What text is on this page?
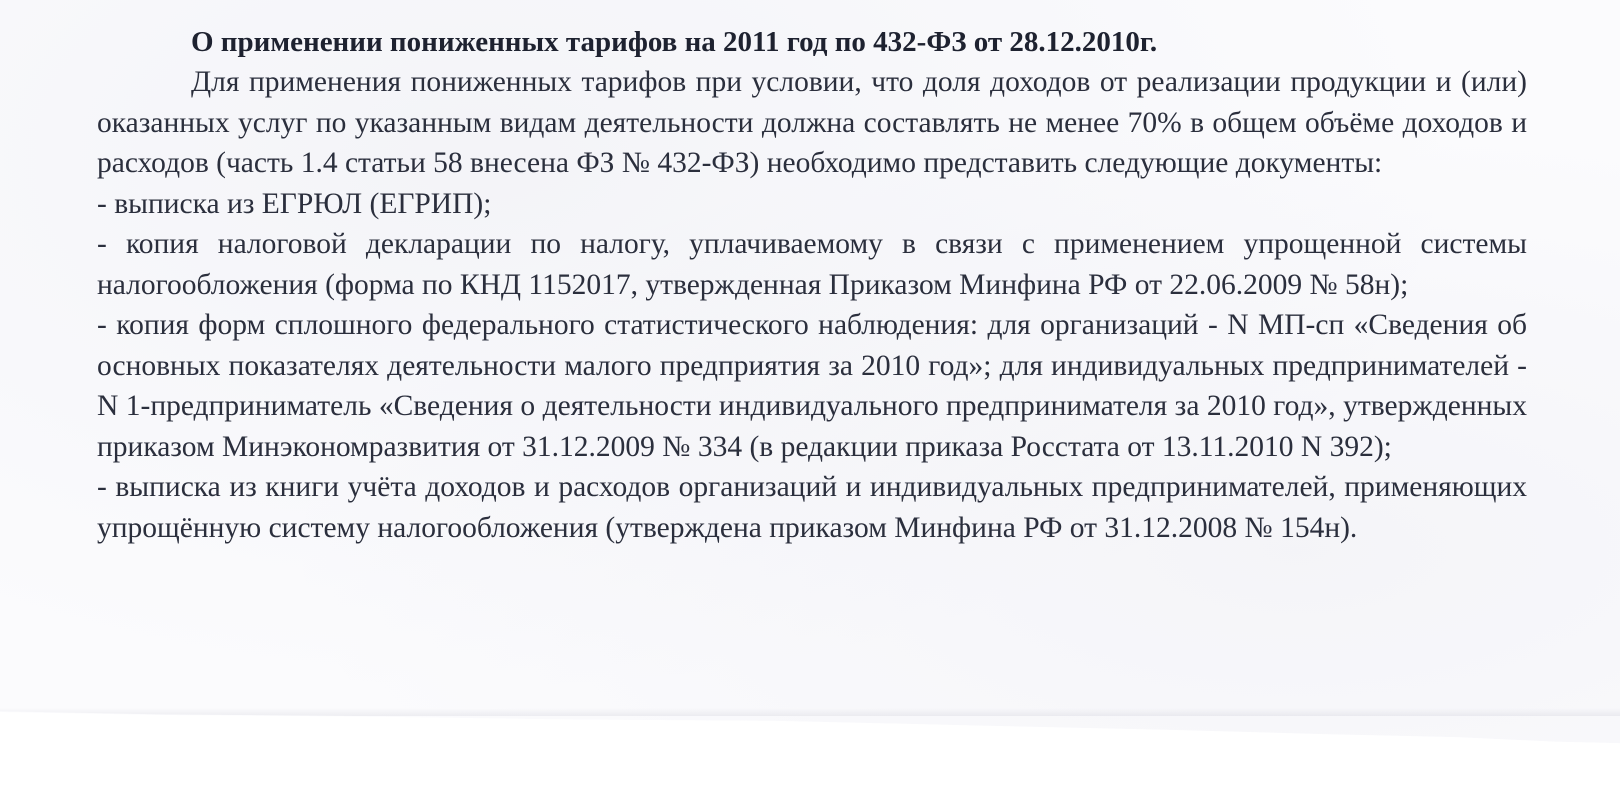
О применении пониженных тарифов на 2011 год по 432-ФЗ от 28.12.2010г.

Для применения пониженных тарифов при условии, что доля доходов от реализации продукции и (или) оказанных услуг по указанным видам деятельности должна составлять не менее 70% в общем объёме доходов и расходов (часть 1.4 статьи 58 внесена ФЗ № 432-ФЗ) необходимо представить следующие документы:

- выписка из ЕГРЮЛ (ЕГРИП);

- копия налоговой декларации по налогу, уплачиваемому в связи с применением упрощенной системы налогообложения (форма по КНД 1152017, утвержденная Приказом Минфина РФ от 22.06.2009 № 58н);

- копия форм сплошного федерального статистического наблюдения: для организаций - N МП-сп «Сведения об основных показателях деятельности малого предприятия за 2010 год»; для индивидуальных предпринимателей - N 1-предприниматель «Сведения о деятельности индивидуального предпринимателя за 2010 год», утвержденных приказом Минэкономразвития от 31.12.2009 № 334 (в редакции приказа Росстата от 13.11.2010 N 392);

- выписка из книги учёта доходов и расходов организаций и индивидуальных предпринимателей, применяющих упрощённую систему налогообложения (утверждена приказом Минфина РФ от 31.12.2008 № 154н).
